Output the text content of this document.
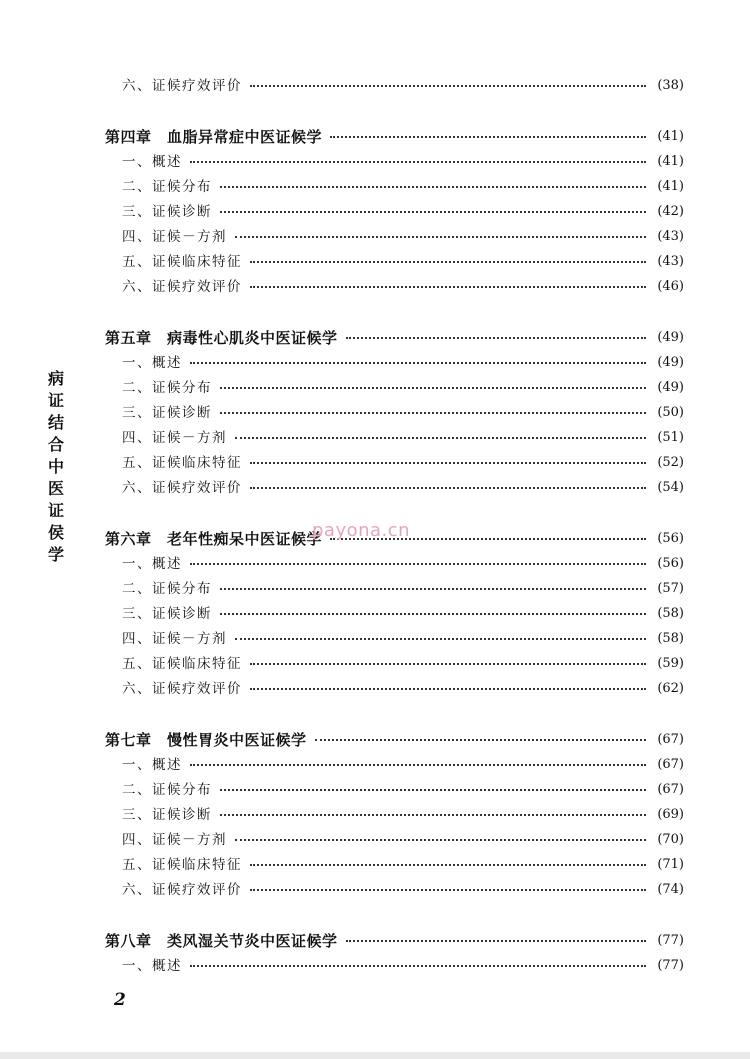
病
证
结
合
中
医
证
侯
学
六、证候疗效评价	(38)
第四章　血脂异常症中医证候学	(41)
一、概述	(41)
二、证候分布	(41)
三、证候诊断	(42)
四、证候－方剂	(43)
五、证候临床特征	(43)
六、证候疗效评价	(46)
第五章　病毒性心肌炎中医证候学	(49)
一、概述	(49)
二、证候分布	(49)
三、证候诊断	(50)
四、证候－方剂	(51)
五、证候临床特征	(52)
六、证候疗效评价	(54)
第六章　老年性痴呆中医证候学	(56)
一、概述	(56)
二、证候分布	(57)
三、证候诊断	(58)
四、证候－方剂	(58)
五、证候临床特征	(59)
六、证候疗效评价	(62)
第七章　慢性胃炎中医证候学	(67)
一、概述	(67)
二、证候分布	(67)
三、证候诊断	(69)
四、证候－方剂	(70)
五、证候临床特征	(71)
六、证候疗效评价	(74)
第八章　类风湿关节炎中医证候学	(77)
一、概述	(77)
payona.cn
2
